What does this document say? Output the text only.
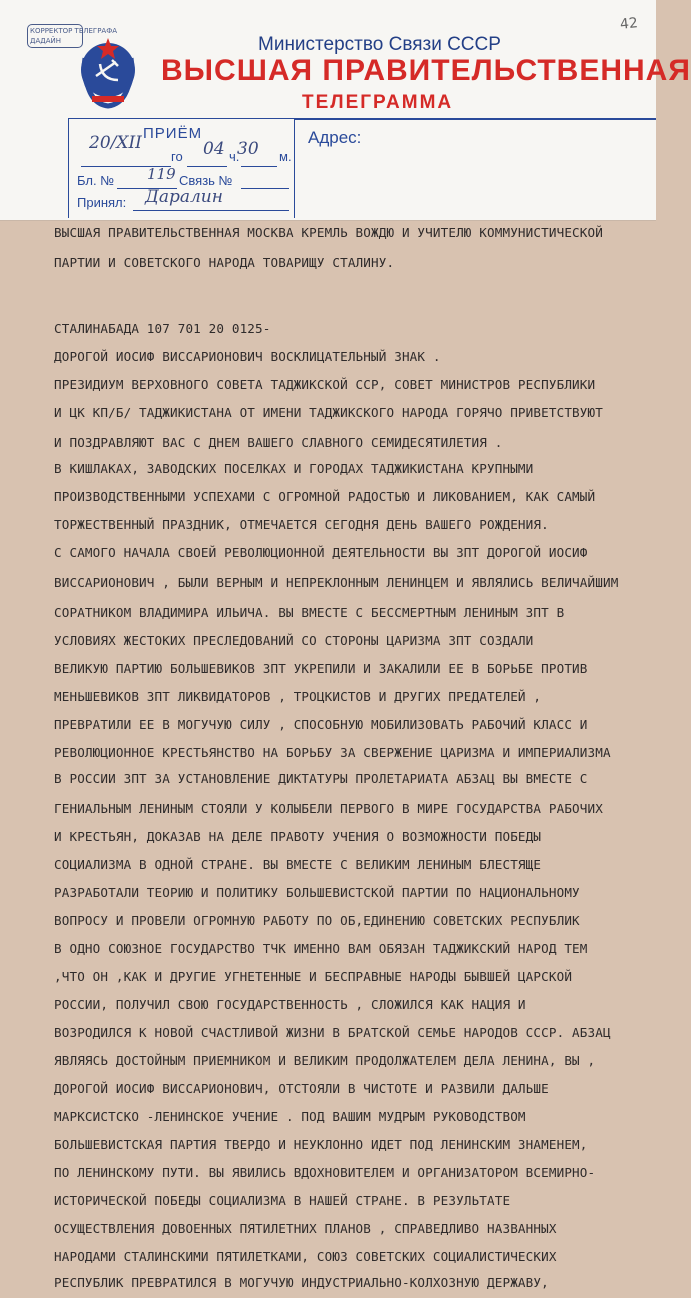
КОРРЕКТОР ТЕЛЕГРАФА
ДАДАЙН	Министерство Связи СССР
ВЫСШАЯ ПРАВИТЕЛЬСТВЕННАЯ
ТЕЛЕГРАММА
42
ПРИЁМ
20/XII
го 04 ч.
30 м.
Бл. № 119 Связь №
Принял: Даралин
Адрес:
ВЫСШАЯ ПРАВИТЕЛЬСТВЕННАЯ МОСКВА КРЕМЛЬ ВОЖДЮ И УЧИТЕЛЮ КОММУНИСТИЧЕСКОЙ
ПАРТИИ И СОВЕТСКОГО НАРОДА ТОВАРИЩУ СТАЛИНУ.
СТАЛИНАБАДА 107 701 20 0125-
ДОРОГОЙ ИОСИФ ВИССАРИОНОВИЧ ВОСКЛИЦАТЕЛЬНЫЙ ЗНАК .
ПРЕЗИДИУМ ВЕРХОВНОГО СОВЕТА ТАДЖИКСКОЙ ССР, СОВЕТ МИНИСТРОВ РЕСПУБЛИКИ
И ЦК КП/Б/ ТАДЖИКИСТАНА ОТ ИМЕНИ ТАДЖИКСКОГО НАРОДА ГОРЯЧО ПРИВЕТСТВУЮТ
И ПОЗДРАВЛЯЮТ ВАС С ДНЕМ ВАШЕГО СЛАВНОГО СЕМИДЕСЯТИЛЕТИЯ .
В КИШЛАКАХ, ЗАВОДСКИХ ПОСЕЛКАХ И ГОРОДАХ ТАДЖИКИСТАНА КРУПНЫМИ
ПРОИЗВОДСТВЕННЫМИ УСПЕХАМИ С ОГРОМНОЙ РАДОСТЬЮ И ЛИКОВАНИЕМ, КАК САМЫЙ
ТОРЖЕСТВЕННЫЙ ПРАЗДНИК, ОТМЕЧАЕТСЯ СЕГОДНЯ ДЕНЬ ВАШЕГО РОЖДЕНИЯ.
С САМОГО НАЧАЛА СВОЕЙ РЕВОЛЮЦИОННОЙ ДЕЯТЕЛЬНОСТИ ВЫ ЗПТ ДОРОГОЙ ИОСИФ
ВИССАРИОНОВИЧ , БЫЛИ ВЕРНЫМ И НЕПРЕКЛОННЫМ ЛЕНИНЦЕМ И ЯВЛЯЛИСЬ ВЕЛИЧАЙШИМ
СОРАТНИКОМ ВЛАДИМИРА ИЛЬИЧА. ВЫ ВМЕСТЕ С БЕССМЕРТНЫМ ЛЕНИНЫМ ЗПТ В
УСЛОВИЯХ ЖЕСТОКИХ ПРЕСЛЕДОВАНИЙ СО СТОРОНЫ ЦАРИЗМА ЗПТ СОЗДАЛИ
ВЕЛИКУЮ ПАРТИЮ БОЛЬШЕВИКОВ ЗПТ УКРЕПИЛИ И ЗАКАЛИЛИ ЕЕ В БОРЬБЕ ПРОТИВ
МЕНЬШЕВИКОВ ЗПТ ЛИКВИДАТОРОВ , ТРОЦКИСТОВ И ДРУГИХ ПРЕДАТЕЛЕЙ ,
ПРЕВРАТИЛИ ЕЕ В МОГУЧУЮ СИЛУ , СПОСОБНУЮ МОБИЛИЗОВАТЬ РАБОЧИЙ КЛАСС И
РЕВОЛЮЦИОННОЕ КРЕСТЬЯНСТВО НА БОРЬБУ ЗА СВЕРЖЕНИЕ ЦАРИЗМА И ИМПЕРИАЛИЗМА
В РОССИИ ЗПТ ЗА УСТАНОВЛЕНИЕ ДИКТАТУРЫ ПРОЛЕТАРИАТА АБЗАЦ ВЫ ВМЕСТЕ С
ГЕНИАЛЬНЫМ ЛЕНИНЫМ СТОЯЛИ У КОЛЫБЕЛИ ПЕРВОГО В МИРЕ ГОСУДАРСТВА РАБОЧИХ
И КРЕСТЬЯН, ДОКАЗАВ НА ДЕЛЕ ПРАВОТУ УЧЕНИЯ О ВОЗМОЖНОСТИ ПОБЕДЫ
СОЦИАЛИЗМА В ОДНОЙ СТРАНЕ. ВЫ ВМЕСТЕ С ВЕЛИКИМ ЛЕНИНЫМ БЛЕСТЯЩЕ
РАЗРАБОТАЛИ ТЕОРИЮ И ПОЛИТИКУ БОЛЬШЕВИСТСКОЙ ПАРТИИ ПО НАЦИОНАЛЬНОМУ
ВОПРОСУ И ПРОВЕЛИ ОГРОМНУЮ РАБОТУ ПО ОБ,ЕДИНЕНИЮ СОВЕТСКИХ РЕСПУБЛИК
В ОДНО СОЮЗНОЕ ГОСУДАРСТВО ТЧК ИМЕННО ВАМ ОБЯЗАН ТАДЖИКСКИЙ НАРОД ТЕМ
,ЧТО ОН ,КАК И ДРУГИЕ УГНЕТЕННЫЕ И БЕСПРАВНЫЕ НАРОДЫ БЫВШЕЙ ЦАРСКОЙ
РОССИИ, ПОЛУЧИЛ СВОЮ ГОСУДАРСТВЕННОСТЬ , СЛОЖИЛСЯ КАК НАЦИЯ И
ВОЗРОДИЛСЯ К НОВОЙ СЧАСТЛИВОЙ ЖИЗНИ В БРАТСКОЙ СЕМЬЕ НАРОДОВ СССР. АБЗАЦ
ЯВЛЯЯСЬ ДОСТОЙНЫМ ПРИЕМНИКОМ И ВЕЛИКИМ ПРОДОЛЖАТЕЛЕМ ДЕЛА ЛЕНИНА, ВЫ ,
ДОРОГОЙ ИОСИФ ВИССАРИОНОВИЧ, ОТСТОЯЛИ В ЧИСТОТЕ И РАЗВИЛИ ДАЛЬШЕ
МАРКСИСТСКО -ЛЕНИНСКОЕ УЧЕНИЕ . ПОД ВАШИМ МУДРЫМ РУКОВОДСТВОМ
БОЛЬШЕВИСТСКАЯ ПАРТИЯ ТВЕРДО И НЕУКЛОННО ИДЕТ ПОД ЛЕНИНСКИМ ЗНАМЕНЕМ,
ПО ЛЕНИНСКОМУ ПУТИ. ВЫ ЯВИЛИСЬ ВДОХНОВИТЕЛЕМ И ОРГАНИЗАТОРОМ ВСЕМИРНО-
ИСТОРИЧЕСКОЙ ПОБЕДЫ СОЦИАЛИЗМА В НАШЕЙ СТРАНЕ. В РЕЗУЛЬТАТЕ
ОСУЩЕСТВЛЕНИЯ ДОВОЕННЫХ ПЯТИЛЕТНИХ ПЛАНОВ , СПРАВЕДЛИВО НАЗВАННЫХ
НАРОДАМИ СТАЛИНСКИМИ ПЯТИЛЕТКАМИ, СОЮЗ СОВЕТСКИХ СОЦИАЛИСТИЧЕСКИХ
РЕСПУБЛИК ПРЕВРАТИЛСЯ В МОГУЧУЮ ИНДУСТРИАЛЬНО-КОЛХОЗНУЮ ДЕРЖАВУ,
